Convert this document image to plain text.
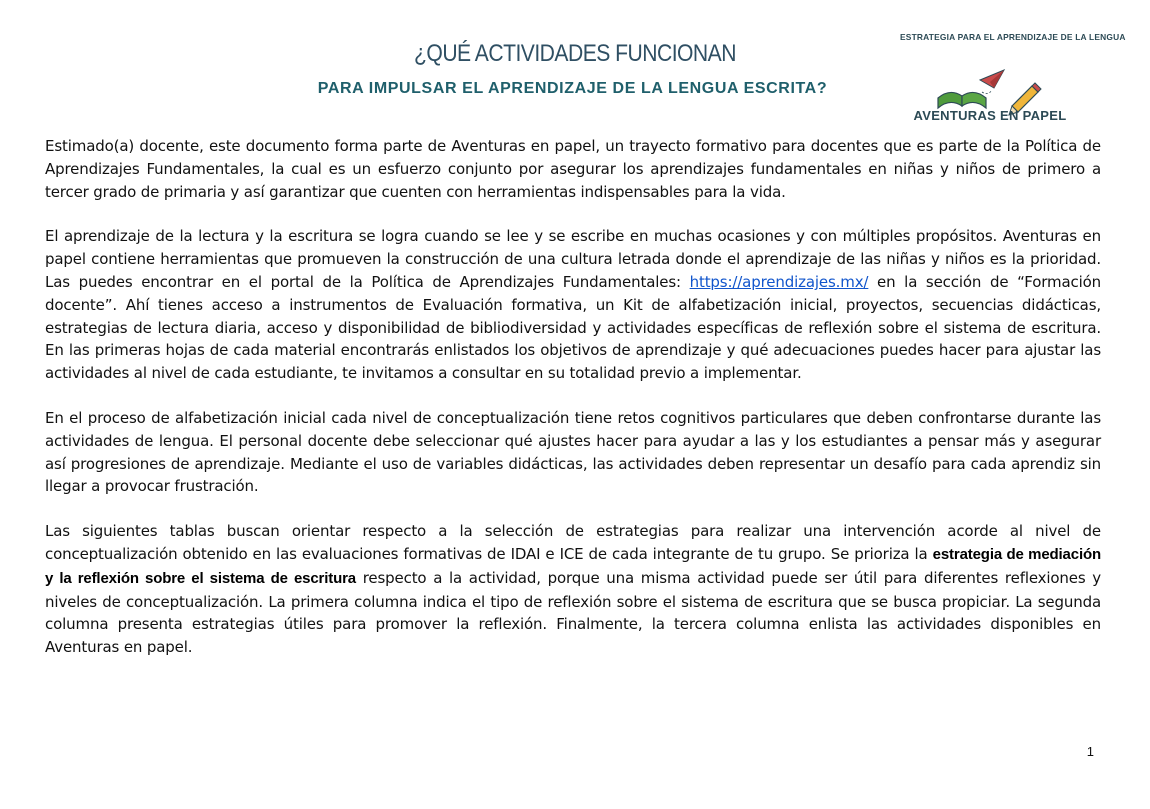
¿QUÉ ACTIVIDADES FUNCIONAN
PARA IMPULSAR EL APRENDIZAJE DE LA LENGUA ESCRITA?
ESTRATEGIA PARA EL APRENDIZAJE DE LA LENGUA
AVENTURAS EN PAPEL

Estimado(a) docente, este documento forma parte de Aventuras en papel, un trayecto formativo para docentes que es parte de la Política de Aprendizajes Fundamentales, la cual es un esfuerzo conjunto por asegurar los aprendizajes fundamentales en niñas y niños de primero a tercer grado de primaria y así garantizar que cuenten con herramientas indispensables para la vida.

El aprendizaje de la lectura y la escritura se logra cuando se lee y se escribe en muchas ocasiones y con múltiples propósitos. Aventuras en papel contiene herramientas que promueven la construcción de una cultura letrada donde el aprendizaje de las niñas y niños es la prioridad. Las puedes encontrar en el portal de la Política de Aprendizajes Fundamentales: https://aprendizajes.mx/ en la sección de “Formación docente”. Ahí tienes acceso a instrumentos de Evaluación formativa, un Kit de alfabetización inicial, proyectos, secuencias didácticas, estrategias de lectura diaria, acceso y disponibilidad de bibliodiversidad y actividades específicas de reflexión sobre el sistema de escritura. En las primeras hojas de cada material encontrarás enlistados los objetivos de aprendizaje y qué adecuaciones puedes hacer para ajustar las actividades al nivel de cada estudiante, te invitamos a consultar en su totalidad previo a implementar.

En el proceso de alfabetización inicial cada nivel de conceptualización tiene retos cognitivos particulares que deben confrontarse durante las actividades de lengua. El personal docente debe seleccionar qué ajustes hacer para ayudar a las y los estudiantes a pensar más y asegurar así progresiones de aprendizaje. Mediante el uso de variables didácticas, las actividades deben representar un desafío para cada aprendiz sin llegar a provocar frustración.

Las siguientes tablas buscan orientar respecto a la selección de estrategias para realizar una intervención acorde al nivel de conceptualización obtenido en las evaluaciones formativas de IDAI e ICE de cada integrante de tu grupo. Se prioriza la estrategia de mediación y la reflexión sobre el sistema de escritura respecto a la actividad, porque una misma actividad puede ser útil para diferentes reflexiones y niveles de conceptualización. La primera columna indica el tipo de reflexión sobre el sistema de escritura que se busca propiciar. La segunda columna presenta estrategias útiles para promover la reflexión. Finalmente, la tercera columna enlista las actividades disponibles en Aventuras en papel.

1
